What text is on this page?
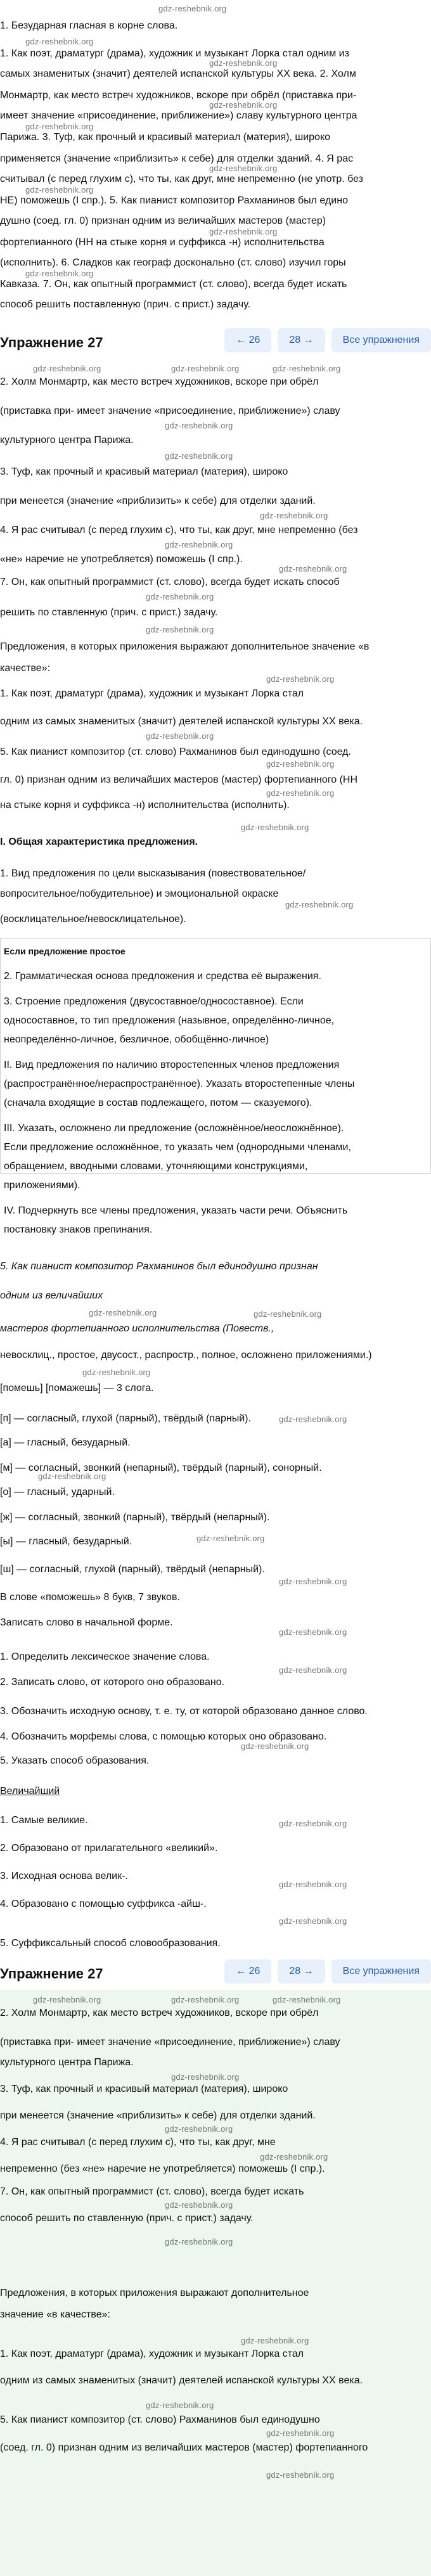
gdz-reshebnik.org
1. Безударная гласная в корне слова.
1. Как поэт, драматург (драма), художник и музыкант Лорка стал одним из
самых знаменитых (значит) деятелей испанской культуры XX века. 2. Холм
Монмартр, как место встреч художников, вскоре при обрёл (приставка при-
имеет значение «присоединение, приближение») славу культурного центра
Парижа. 3. Туф, как прочный и красивый материал (материя), широко
применяется (значение «приблизить» к себе) для отделки зданий. 4. Я рас
считывал (с перед глухим с), что ты, как друг, мне непременно (не употр. без
НЕ) поможешь (I спр.). 5. Как пианист композитор Рахманинов был едино
душно (соед. гл. 0) признан одним из величайших мастеров (мастер)
фортепианного (НН на стыке корня и суффикса -н) исполнительства
(исполнить). 6. Сладков как географ досконально (ст. слово) изучил горы
Кавказа. 7. Он, как опытный программист (ст. слово), всегда будет искать
способ решить поставленную (прич. с прист.) задачу.
gdz-reshebnik.org
gdz-reshebnik.org
gdz-reshebnik.org
gdz-reshebnik.org
gdz-reshebnik.org
gdz-reshebnik.org
gdz-reshebnik.org
gdz-reshebnik.org
Упражнение 27	← 26	28 →	Все упражнения
2. Холм Монмартр, как место встреч художников, вскоре при обрёл
(приставка при- имеет значение «присоединение, приближение») славу
культурного центра Парижа.
3. Туф, как прочный и красивый материал (материя), широко
при менеется (значение «приблизить» к себе) для отделки зданий.
4. Я рас считывал (с перед глухим с), что ты, как друг, мне непременно (без
«не» наречие не употребляется) поможешь (I спр.).
7. Он, как опытный программист (ст. слово), всегда будет искать способ
решить по ставленную (прич. с прист.) задачу.
Предложения, в которых приложения выражают дополнительное значение «в
качестве»:
1. Как поэт, драматург (драма), художник и музыкант Лорка стал
одним из самых знаменитых (значит) деятелей испанской культуры XX века.
5. Как пианист композитор (ст. слово) Рахманинов был единодушно (соед.
гл. 0) признан одним из величайших мастеров (мастер) фортепианного (НН
на стыке корня и суффикса -н) исполнительства (исполнить).
gdz-reshebnik.org	gdz-reshebnik.org	gdz-reshebnik.org
gdz-reshebnik.org
gdz-reshebnik.org
gdz-reshebnik.org
gdz-reshebnik.org
gdz-reshebnik.org
gdz-reshebnik.org
gdz-reshebnik.org
gdz-reshebnik.org
gdz-reshebnik.org
gdz-reshebnik.org
gdz-reshebnik.org
I. Общая характеристика предложения.
1. Вид предложения по цели высказывания (повествовательное/
вопросительное/побудительное) и эмоциональной окраске
(восклицательное/невосклицательное).
gdz-reshebnik.org
gdz-reshebnik.org
Если предложение простое
2. Грамматическая основа предложения и средства её выражения.
3. Строение предложения (двусоставное/односоставное). Если
односоставное, то тип предложения (назывное, определённо-личное,
неопределённо-личное, безличное, обобщённо-личное)
II. Вид предложения по наличию второстепенных членов предложения
(распространённое/нераспространённое). Указать второстепенные члены
(сначала входящие в состав подлежащего, потом — сказуемого).
III. Указать, осложнено ли предложение (осложнённое/неосложнённое).
Если предложение осложнённое, то указать чем (однородными членами,
обращением, вводными словами, уточняющими конструкциями,
приложениями).
IV. Подчеркнуть все члены предложения, указать части речи. Объяснить
постановку знаков препинания.
5. Как пианист композитор Рахманинов был единодушно признан
одним из величайших
мастеров фортепианного исполнительства (Повеств.,
невосклиц., простое, двусост., распростр., полное, осложнено приложениями.)
[помешь] [помажешь] — 3 слога.
[п] — согласный, глухой (парный), твёрдый (парный).
[а] — гласный, безударный.
[м] — согласный, звонкий (непарный), твёрдый (парный), сонорный.
[о] — гласный, ударный.
[ж] — согласный, звонкий (парный), твёрдый (непарный).
[ы] — гласный, безударный.
[ш] — согласный, глухой (парный), твёрдый (непарный).
В слове «поможешь» 8 букв, 7 звуков.
Записать слово в начальной форме.
1. Определить лексическое значение слова.
2. Записать слово, от которого оно образовано.
3. Обозначить исходную основу, т. е. ту, от которой образовано данное слово.
4. Обозначить морфемы слова, с помощью которых оно образовано.
5. Указать способ образования.
Величайший
1. Самые великие.
2. Образовано от прилагательного «великий».
3. Исходная основа велик-.
4. Образовано с помощью суффикса -айш-.
5. Суффиксальный способ словообразования.
gdz-reshebnik.org	gdz-reshebnik.org
gdz-reshebnik.org
gdz-reshebnik.org
gdz-reshebnik.org
gdz-reshebnik.org
gdz-reshebnik.org
gdz-reshebnik.org
gdz-reshebnik.org
gdz-reshebnik.org
gdz-reshebnik.org
gdz-reshebnik.org
gdz-reshebnik.org
Упражнение 27	← 26	28 →	Все упражнения
2. Холм Монмартр, как место встреч художников, вскоре при обрёл
(приставка при- имеет значение «присоединение, приближение») славу
культурного центра Парижа.
3. Туф, как прочный и красивый материал (материя), широко
при менеется (значение «приблизить» к себе) для отделки зданий.
4. Я рас считывал (с перед глухим с), что ты, как друг, мне
непременно (без «не» наречие не употребляется) поможешь (I спр.).
7. Он, как опытный программист (ст. слово), всегда будет искать
способ решить по ставленную (прич. с прист.) задачу.
Предложения, в которых приложения выражают дополнительное
значение «в качестве»:
1. Как поэт, драматург (драма), художник и музыкант Лорка стал
одним из самых знаменитых (значит) деятелей испанской культуры XX века.
5. Как пианист композитор (ст. слово) Рахманинов был единодушно
(соед. гл. 0) признан одним из величайших мастеров (мастер) фортепианного
gdz-reshebnik.org	gdz-reshebnik.org	gdz-reshebnik.org
gdz-reshebnik.org
gdz-reshebnik.org
gdz-reshebnik.org
gdz-reshebnik.org
gdz-reshebnik.org
gdz-reshebnik.org
gdz-reshebnik.org
gdz-reshebnik.org
gdz-reshebnik.org
